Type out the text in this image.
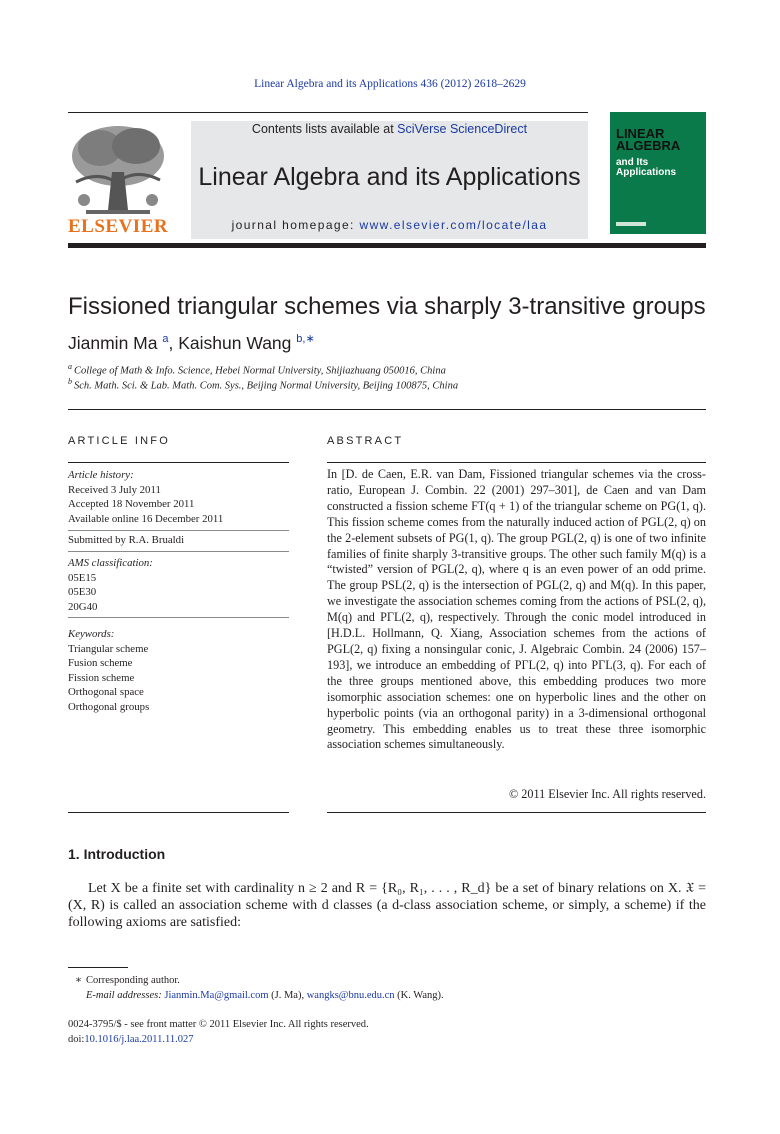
Linear Algebra and its Applications 436 (2012) 2618–2629
ELSEVIER
Contents lists available at SciVerse ScienceDirect
Linear Algebra and its Applications
journal homepage: www.elsevier.com/locate/laa
LINEAR
ALGEBRA
and Its
Applications
Fissioned triangular schemes via sharply 3-transitive groups
Jianmin Ma $^a$, Kaishun Wang $^{b,∗}$
$^a$ College of Math & Info. Science, Hebei Normal University, Shijiazhuang 050016, China
$^b$ Sch. Math. Sci. & Lab. Math. Com. Sys., Beijing Normal University, Beijing 100875, China
ARTICLE INFO	ABSTRACT
Article history:
Received 3 July 2011
Accepted 18 November 2011
Available online 16 December 2011
Submitted by R.A. Brualdi
AMS classification:
05E15
05E30
20G40
Keywords:
Triangular scheme
Fusion scheme
Fission scheme
Orthogonal space
Orthogonal groups
In [D. de Caen, E.R. van Dam, Fissioned triangular schemes via the cross-ratio, European J. Combin. 22 (2001) 297–301], de Caen and van Dam constructed a fission scheme FT(q + 1) of the triangular scheme on PG(1, q). This fission scheme comes from the naturally induced action of PGL(2, q) on the 2-element subsets of PG(1, q). The group PGL(2, q) is one of two infinite families of finite sharply 3-transitive groups. The other such family M(q) is a “twisted” version of PGL(2, q), where q is an even power of an odd prime. The group PSL(2, q) is the intersection of PGL(2, q) and M(q). In this paper, we investigate the association schemes coming from the actions of PSL(2, q), M(q) and PΓL(2, q), respectively. Through the conic model introduced in [H.D.L. Hollmann, Q. Xiang, Association schemes from the actions of PGL(2, q) fixing a nonsingular conic, J. Algebraic Combin. 24 (2006) 157–193], we introduce an embedding of PΓL(2, q) into PΓL(3, q). For each of the three groups mentioned above, this embedding produces two more isomorphic association schemes: one on hyperbolic lines and the other on hyperbolic points (via an orthogonal parity) in a 3-dimensional orthogonal geometry. This embedding enables us to treat these three isomorphic association schemes simultaneously.
© 2011 Elsevier Inc. All rights reserved.
1. Introduction
Let X be a finite set with cardinality n ≥ 2 and R = {R₀, R₁, . . . , R_d} be a set of binary relations on X. 𝔛 = (X, R) is called an association scheme with d classes (a d-class association scheme, or simply, a scheme) if the following axioms are satisfied:
∗ Corresponding author.
E-mail addresses: Jianmin.Ma@gmail.com (J. Ma), wangks@bnu.edu.cn (K. Wang).
0024-3795/$ - see front matter © 2011 Elsevier Inc. All rights reserved.
doi:10.1016/j.laa.2011.11.027
